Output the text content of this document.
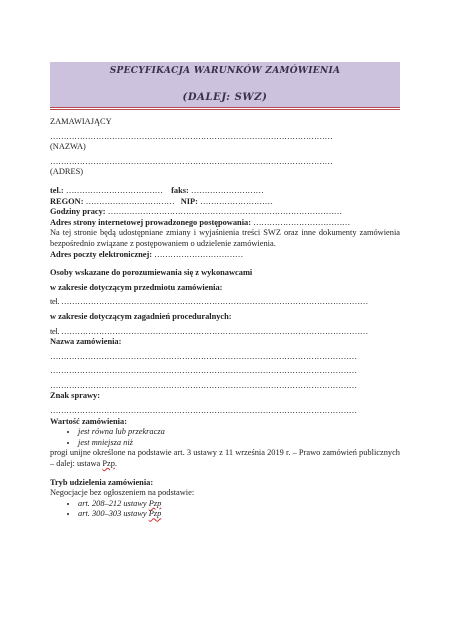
SPECYFIKACJA WARUNKÓW ZAMÓWIENIA
(DALEJ: SWZ)
ZAMAWIAJĄCY
……………………………………………………………………………………………
(NAZWA)
……………………………………………………………………………………………
(ADRES)
tel.: ……………………………… faks: ………………………
REGON: …………………………… NIP: ………………………
Godziny pracy: ……………………………………………………………………………
Adres strony internetowej prowadzonego postępowania: ………………………………
Na tej stronie będą udostępniane zmiany i wyjaśnienia treści SWZ oraz inne dokumenty zamówienia bezpośrednio związane z postępowaniem o udzielenie zamówienia.
Adres poczty elektronicznej: ……………………………
Osoby wskazane do porozumiewania się z wykonawcami
w zakresie dotyczącym przedmiotu zamówienia:
tel. ……………………………………………………………………………………………………
w zakresie dotyczącym zagadnień proceduralnych:
tel. ……………………………………………………………………………………………………
Nazwa zamówienia:
……………………………………………………………………………………………………
……………………………………………………………………………………………………
……………………………………………………………………………………………………
Znak sprawy:
……………………………………………………………………………………………………
Wartość zamówienia:
• jest równa lub przekracza
• jest mniejsza niż
progi unijne określone na podstawie art. 3 ustawy z 11 września 2019 r. – Prawo zamówień publicznych – dalej: ustawa Pzp.
Tryb udzielenia zamówienia:
Negocjacje bez ogłoszeniem na podstawie:
• art. 208–212 ustawy Pzp
• art. 300–303 ustawy Pzp
